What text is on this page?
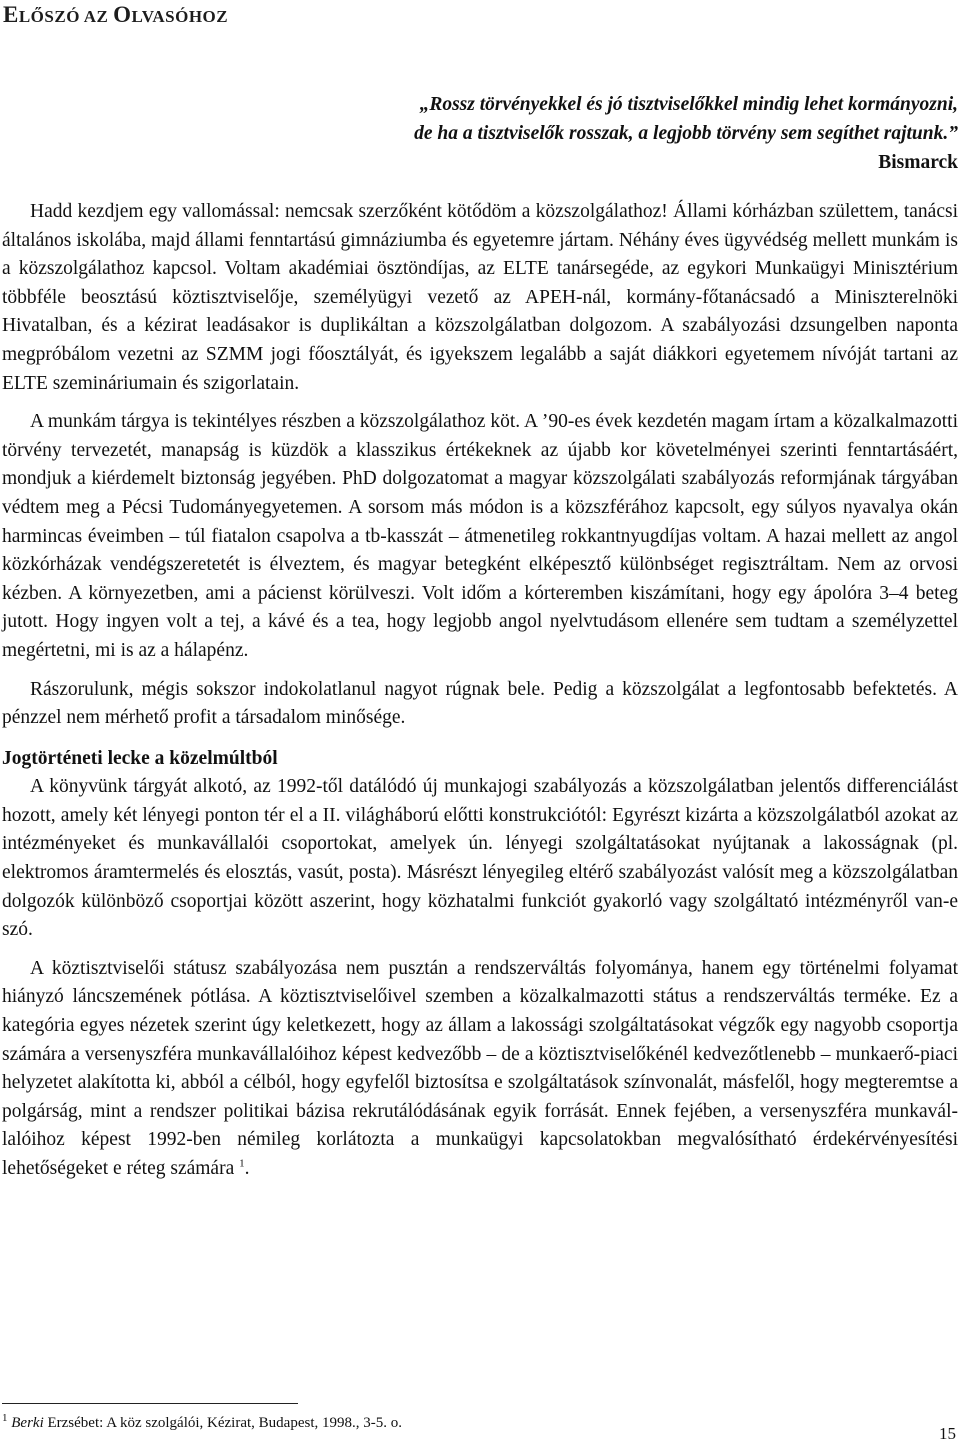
ELŐSZÓ AZ OLVASÓHOZ
„Rossz törvényekkel és jó tisztviselőkkel mindig lehet kormányozni,
de ha a tisztviselők rosszak, a legjobb törvény sem segíthet rajtunk.”
Bismarck

Hadd kezdjem egy vallomással: nemcsak szerzőként kötődöm a közszolgálathoz! Állami kórházban születtem, tanácsi általános iskolába, majd állami fenntartású gimnáziumba és egyetemre jártam. Néhány éves ügyvédség mellett munkám is a közszolgálathoz kapcsol. Voltam akadémiai ösztöndíjas, az ELTE tanársegéde, az egykori Munkaügyi Minisztérium többféle beosztású köztisztviselője, személyügyi vezető az APEH-nál, kormány-főtanácsadó a Miniszterelnöki Hivatalban, és a kézirat leadásakor is duplikáltan a közszolgálatban dolgozom. A szabályozási dzsungelben naponta megpróbálom vezetni az SZMM jogi főosztályát, és igyekszem legalább a saját diákkori egyetemem nívóját tartani az ELTE szemináriumain és szigorlatain.

A munkám tárgya is tekintélyes részben a közszolgálathoz köt. A ’90-es évek kezdetén magam írtam a közalkalmazotti törvény tervezetét, manapság is küzdök a klasszikus értékeknek az újabb kor követelményei szerinti fenntartásáért, mondjuk a kiérdemelt biztonság jegyében. PhD dolgozatomat a magyar közszolgálati szabályozás reformjának tárgyában védtem meg a Pécsi Tudományegyetemen. A sorsom más módon is a közszférához kapcsolt, egy súlyos nyavalya okán harmincas éveimben – túl fiatalon csapolva a tb-kasszát – átmenetileg rokkantnyugdíjas voltam. A hazai mellett az angol közkórházak vendégszeretetét is élveztem, és magyar betegként elképesztő különbséget regisztráltam. Nem az orvosi kézben. A környezetben, ami a pácienst körülveszi. Volt időm a kórteremben kiszámítani, hogy egy ápolóra 3–4 beteg jutott. Hogy ingyen volt a tej, a kávé és a tea, hogy legjobb angol nyelvtudásom ellenére sem tudtam a személyzettel megértetni, mi is az a hálapénz.

Rászorulunk, mégis sokszor indokolatlanul nagyot rúgnak bele. Pedig a közszolgálat a legfontosabb befektetés. A pénzzel nem mérhető profit a társadalom minősége.

Jogtörténeti lecke a közelmúltból

A könyvünk tárgyát alkotó, az 1992-től datálódó új munkajogi szabályozás a közszolgálatban jelentős differenciálást hozott, amely két lényegi ponton tér el a II. világháború előtti konstrukciótól: Egyrészt kizárta a közszolgálatból azokat az intézményeket és munkavállalói csoportokat, amelyek ún. lényegi szolgáltatásokat nyújtanak a lakosságnak (pl. elektromos áramtermelés és elosztás, vasút, posta). Másrészt lényegileg eltérő szabályozást valósít meg a közszolgálatban dolgozók különböző csoportjai között aszerint, hogy közhatalmi funkciót gyakorló vagy szolgáltató intézményről van-e szó.

A köztisztviselői státusz szabályozása nem pusztán a rendszerváltás folyománya, hanem egy történelmi folyamat hiányzó láncszemének pótlása. A köztisztviselőivel szemben a közalkalmazotti státus a rendszerváltás terméke. Ez a kategória egyes nézetek szerint úgy keletkezett, hogy az állam a lakossági szolgáltatásokat végzők egy nagyobb csoportja számára a versenyszféra munkavállalóihoz képest kedvezőbb – de a köztisztviselőkénél kedvezőtlenebb – munkaerő-piaci helyzetet alakította ki, abból a célból, hogy egyfelől biztosítsa e szolgáltatások színvonalát, másfelől, hogy megteremtse a polgárság, mint a rendszer politikai bázisa rekrutálódásának egyik forrását. Ennek fejében, a versenyszféra munkavállalóihoz képest 1992-ben némileg korlátozta a munkaügyi kapcsolatokban megvalósítható érdekérvényesítési lehetőségeket e réteg számára $^1$.

$^1$ Berki Erzsébet: A köz szolgálói, Kézirat, Budapest, 1998., 3-5. o.
15
